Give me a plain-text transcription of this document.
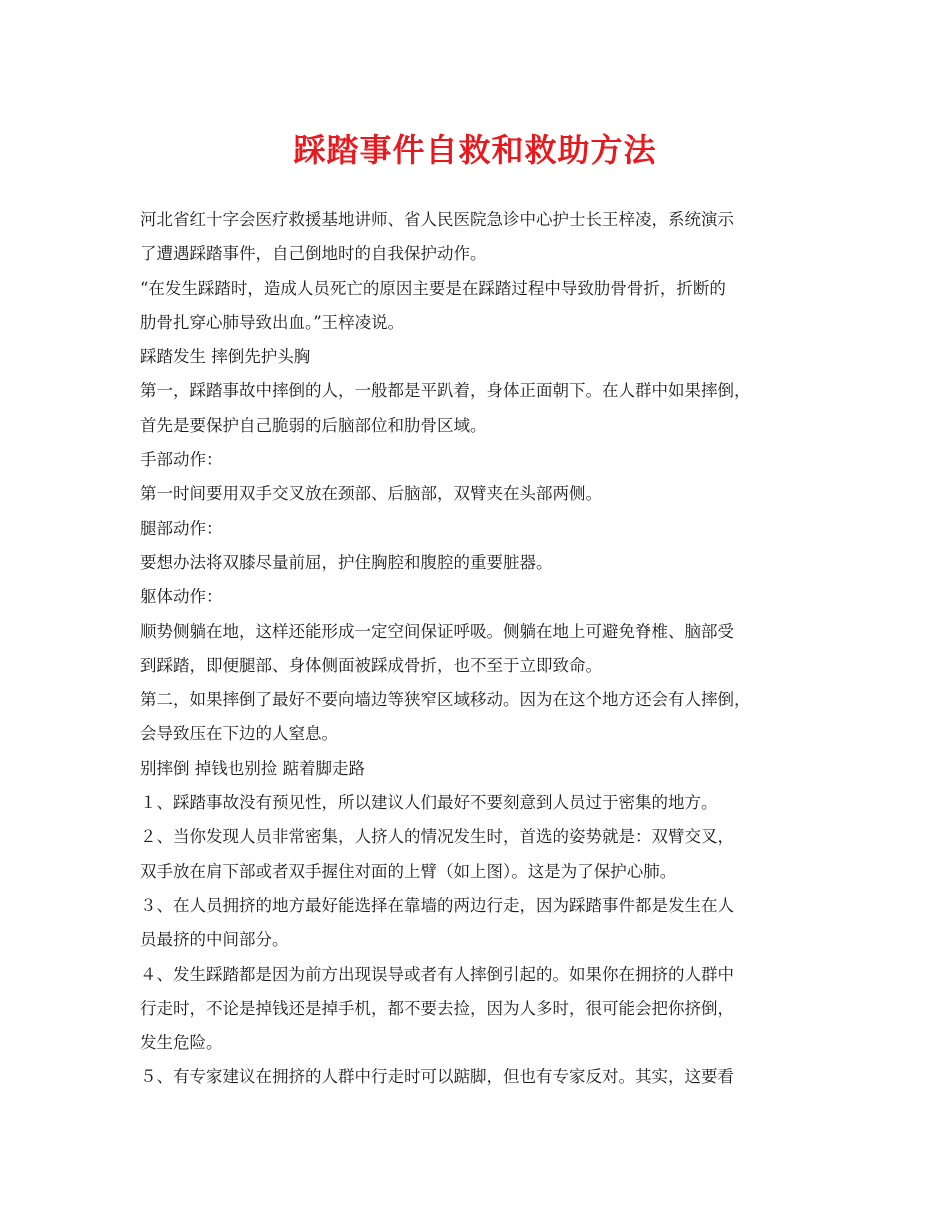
踩踏事件自救和救助方法
河北省红十字会医疗救援基地讲师、省人民医院急诊中心护士长王梓凌，系统演示
了遭遇踩踏事件，自己倒地时的自我保护动作。
“在发生踩踏时，造成人员死亡的原因主要是在踩踏过程中导致肋骨骨折，折断的
肋骨扎穿心肺导致出血。”王梓凌说。
踩踏发生 摔倒先护头胸
第一，踩踏事故中摔倒的人，一般都是平趴着，身体正面朝下。在人群中如果摔倒，
首先是要保护自己脆弱的后脑部位和肋骨区域。
手部动作：
第一时间要用双手交叉放在颈部、后脑部，双臂夹在头部两侧。
腿部动作：
要想办法将双膝尽量前屈，护住胸腔和腹腔的重要脏器。
躯体动作：
顺势侧躺在地，这样还能形成一定空间保证呼吸。侧躺在地上可避免脊椎、脑部受
到踩踏，即便腿部、身体侧面被踩成骨折，也不至于立即致命。
第二，如果摔倒了最好不要向墙边等狭窄区域移动。因为在这个地方还会有人摔倒，
会导致压在下边的人窒息。
别摔倒 掉钱也别捡 踮着脚走路
１、踩踏事故没有预见性，所以建议人们最好不要刻意到人员过于密集的地方。
２、当你发现人员非常密集，人挤人的情况发生时，首选的姿势就是：双臂交叉，
双手放在肩下部或者双手握住对面的上臂（如上图）。这是为了保护心肺。
３、在人员拥挤的地方最好能选择在靠墙的两边行走，因为踩踏事件都是发生在人
员最挤的中间部分。
４、发生踩踏都是因为前方出现误导或者有人摔倒引起的。如果你在拥挤的人群中
行走时，不论是掉钱还是掉手机，都不要去捡，因为人多时，很可能会把你挤倒，
发生危险。
５、有专家建议在拥挤的人群中行走时可以踮脚，但也有专家反对。其实，这要看
